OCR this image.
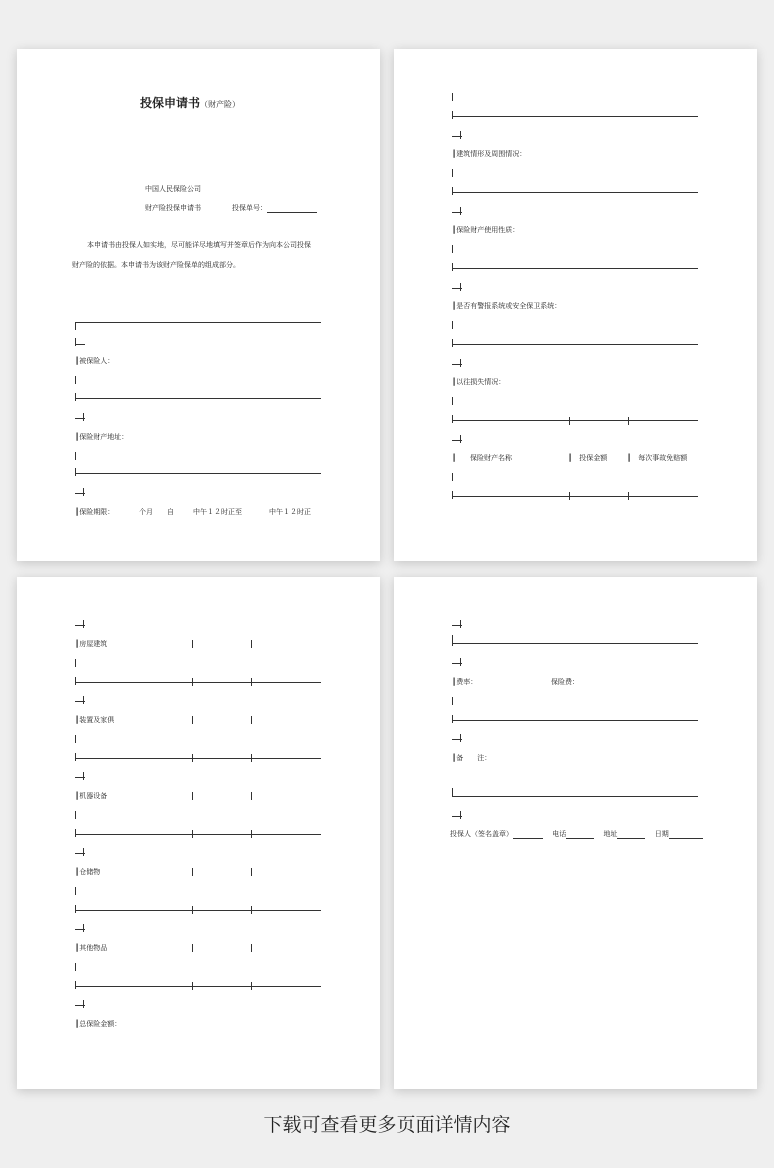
投保申请书（财产险）
中国人民保险公司
财产险投保申请书	投保单号：
本申请书由投保人如实地，尽可能详尽地填写并签章后作为向本公司投保
财产险的依据。本申请书为该财产险保单的组成部分。
┃被保险人：
┃保险财产地址：
┃保险期限：	个月 自	中午１２时正至	中午１２时正
┃建筑情形及周围情况：
┃保险财产使用性质：
┃是否有警报系统或安全保卫系统：
┃以往损失情况：
┃ 保险财产名称	┃　投保金额	┃　每次事故免赔额
┃房屋建筑
┃装置及家俱
┃机器设备
┃仓储物
┃其他物品
┃总保险金额：
┃费率：	保险费：
┃备　　注：
投保人（签名盖章） 　	电话 　	地址 　	日期
下载可查看更多页面详情内容
